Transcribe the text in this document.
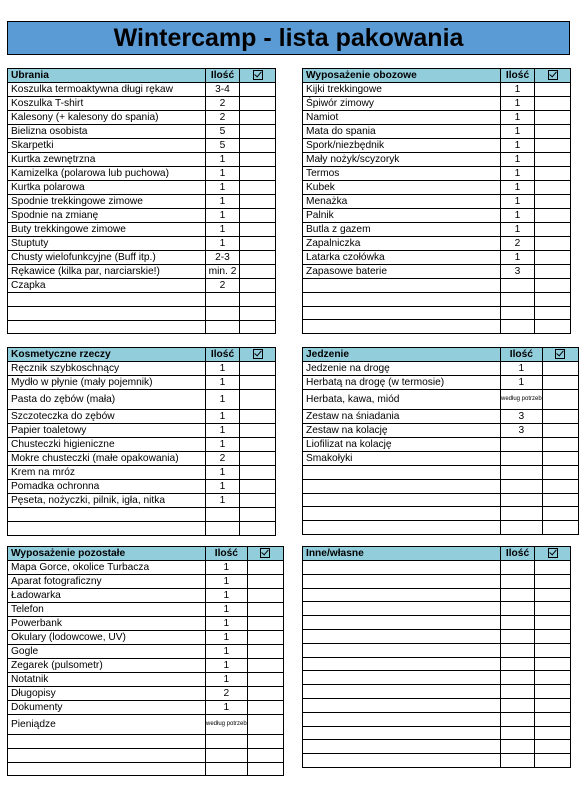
Wintercamp - lista pakowania
Ubrania	Ilość	
Koszulka termoaktywna długi rękaw	3-4	
Koszulka T-shirt	2	
Kalesony (+ kalesony do spania)	2	
Bielizna osobista	5	
Skarpetki	5	
Kurtka zewnętrzna	1	
Kamizelka (polarowa lub puchowa)	1	
Kurtka polarowa	1	
Spodnie trekkingowe zimowe	1	
Spodnie na zmianę	1	
Buty trekkingowe zimowe	1	
Stuptuty	1	
Chusty wielofunkcyjne (Buff itp.)	2-3	
Rękawice (kilka par, narciarskie!)	min. 2	
Czapka	2	

Wyposażenie obozowe	Ilość	
Kijki trekkingowe	1	
Śpiwór zimowy	1	
Namiot	1	
Mata do spania	1	
Spork/niezbędnik	1	
Mały nożyk/scyzoryk	1	
Termos	1	
Kubek	1	
Menażka	1	
Palnik	1	
Butla z gazem	1	
Zapalniczka	2	
Latarka czołówka	1	
Zapasowe baterie	3	

Kosmetyczne rzeczy	Ilość	
Ręcznik szybkoschnący	1	
Mydło w płynie (mały pojemnik)	1	
Pasta do zębów (mała)	1	
Szczoteczka do zębów	1	
Papier toaletowy	1	
Chusteczki higieniczne	1	
Mokre chusteczki (małe opakowania)	2	
Krem na mróz	1	
Pomadka ochronna	1	
Pęseta, nożyczki, pilnik, igła, nitka	1	

Jedzenie	Ilość	
Jedzenie na drogę	1	
Herbatą na drogę (w termosie)	1	
Herbata, kawa, miód	według potrzeb	

Zestaw na śniadania	3	
Zestaw na kolację	3	
Liofilizat na kolację		
Smakołyki		

Wyposażenie pozostałe	Ilość	
Mapa Gorce, okolice Turbacza	1	
Aparat fotograficzny	1	
Ładowarka	1	
Telefon	1	
Powerbank	1	
Okulary (lodowcowe, UV)	1	
Gogle	1	
Zegarek (pulsometr)	1	
Notatnik	1	
Długopisy	2	
Dokumenty	1	
Pieniądze	według potrzeb	

Inne/własne	Ilość	
